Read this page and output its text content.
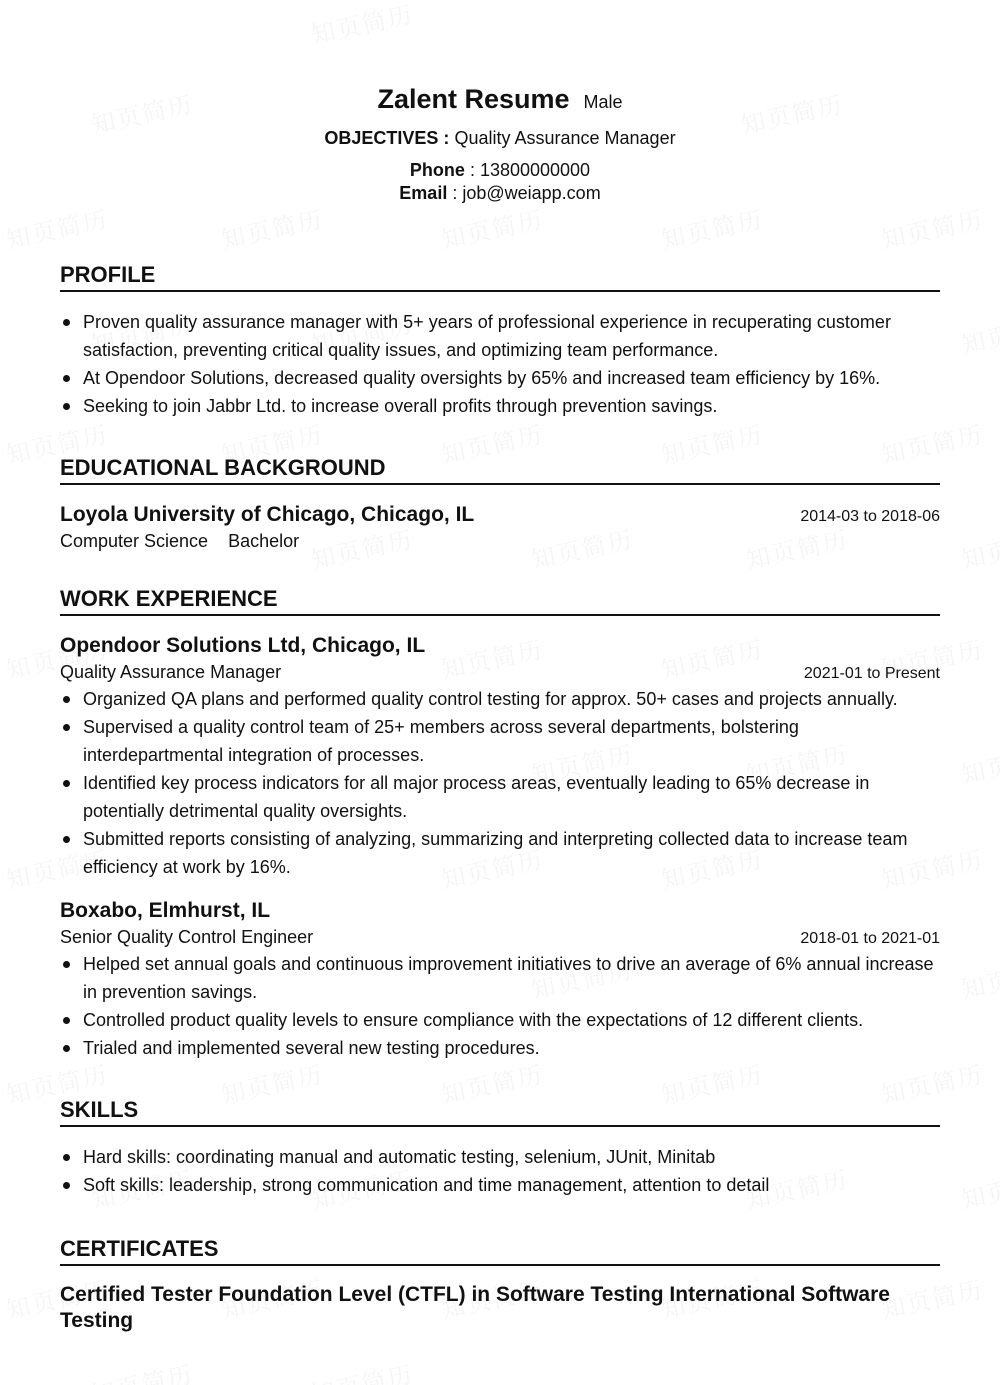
Zalent Resume Male
OBJECTIVES : Quality Assurance Manager
Phone : 13800000000
Email : job@weiapp.com
PROFILE
Proven quality assurance manager with 5+ years of professional experience in recuperating customer satisfaction, preventing critical quality issues, and optimizing team performance.
At Opendoor Solutions, decreased quality oversights by 65% and increased team efficiency by 16%.
Seeking to join Jabbr Ltd. to increase overall profits through prevention savings.
EDUCATIONAL BACKGROUND
Loyola University of Chicago, Chicago, IL	2014-03 to 2018-06
Computer Science Bachelor
WORK EXPERIENCE
Opendoor Solutions Ltd, Chicago, IL
Quality Assurance Manager	2021-01 to Present
Organized QA plans and performed quality control testing for approx. 50+ cases and projects annually.
Supervised a quality control team of 25+ members across several departments, bolstering interdepartmental integration of processes.
Identified key process indicators for all major process areas, eventually leading to 65% decrease in potentially detrimental quality oversights.
Submitted reports consisting of analyzing, summarizing and interpreting collected data to increase team efficiency at work by 16%.
Boxabo, Elmhurst, IL
Senior Quality Control Engineer	2018-01 to 2021-01
Helped set annual goals and continuous improvement initiatives to drive an average of 6% annual increase in prevention savings.
Controlled product quality levels to ensure compliance with the expectations of 12 different clients.
Trialed and implemented several new testing procedures.
SKILLS
Hard skills: coordinating manual and automatic testing, selenium, JUnit, Minitab
Soft skills: leadership, strong communication and time management, attention to detail
CERTIFICATES
Certified Tester Foundation Level (CTFL) in Software Testing International Software Testing
